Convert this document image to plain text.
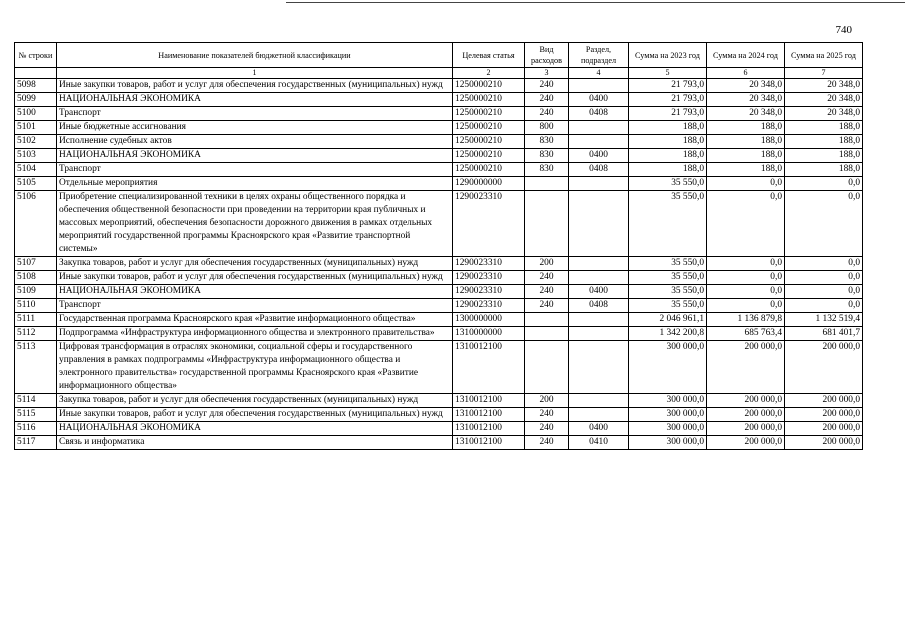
740
№ строки	Наименование показателей бюджетной классификации	Целевая статья	Вид расходов	Раздел, подраздел	Сумма на 2023 год	Сумма на 2024 год	Сумма на 2025 год
	1	2	3	4	5	6	7
5098	Иные закупки товаров, работ и услуг для обеспечения государственных (муниципальных) нужд	1250000210	240		21 793,0	20 348,0	20 348,0
5099	НАЦИОНАЛЬНАЯ ЭКОНОМИКА	1250000210	240	0400	21 793,0	20 348,0	20 348,0
5100	Транспорт	1250000210	240	0408	21 793,0	20 348,0	20 348,0
5101	Иные бюджетные ассигнования	1250000210	800		188,0	188,0	188,0
5102	Исполнение судебных актов	1250000210	830		188,0	188,0	188,0
5103	НАЦИОНАЛЬНАЯ ЭКОНОМИКА	1250000210	830	0400	188,0	188,0	188,0
5104	Транспорт	1250000210	830	0408	188,0	188,0	188,0
5105	Отдельные мероприятия	1290000000			35 550,0	0,0	0,0
5106	Приобретение специализированной техники в целях охраны общественного порядка и обеспечения общественной безопасности при проведении на территории края публичных и массовых мероприятий, обеспечения безопасности дорожного движения в рамках отдельных мероприятий государственной программы Красноярского края «Развитие транспортной системы»	1290023310			35 550,0	0,0	0,0
5107	Закупка товаров, работ и услуг для обеспечения государственных (муниципальных) нужд	1290023310	200		35 550,0	0,0	0,0
5108	Иные закупки товаров, работ и услуг для обеспечения государственных (муниципальных) нужд	1290023310	240		35 550,0	0,0	0,0
5109	НАЦИОНАЛЬНАЯ ЭКОНОМИКА	1290023310	240	0400	35 550,0	0,0	0,0
5110	Транспорт	1290023310	240	0408	35 550,0	0,0	0,0
5111	Государственная программа Красноярского края «Развитие информационного общества»	1300000000			2 046 961,1	1 136 879,8	1 132 519,4
5112	Подпрограмма «Инфраструктура информационного общества и электронного правительства»	1310000000			1 342 200,8	685 763,4	681 401,7
5113	Цифровая трансформация в отраслях экономики, социальной сферы и государственного управления в рамках подпрограммы «Инфраструктура информационного общества и электронного правительства» государственной программы Красноярского края «Развитие информационного общества»	1310012100			300 000,0	200 000,0	200 000,0
5114	Закупка товаров, работ и услуг для обеспечения государственных (муниципальных) нужд	1310012100	200		300 000,0	200 000,0	200 000,0
5115	Иные закупки товаров, работ и услуг для обеспечения государственных (муниципальных) нужд	1310012100	240		300 000,0	200 000,0	200 000,0
5116	НАЦИОНАЛЬНАЯ ЭКОНОМИКА	1310012100	240	0400	300 000,0	200 000,0	200 000,0
5117	Связь и информатика	1310012100	240	0410	300 000,0	200 000,0	200 000,0
